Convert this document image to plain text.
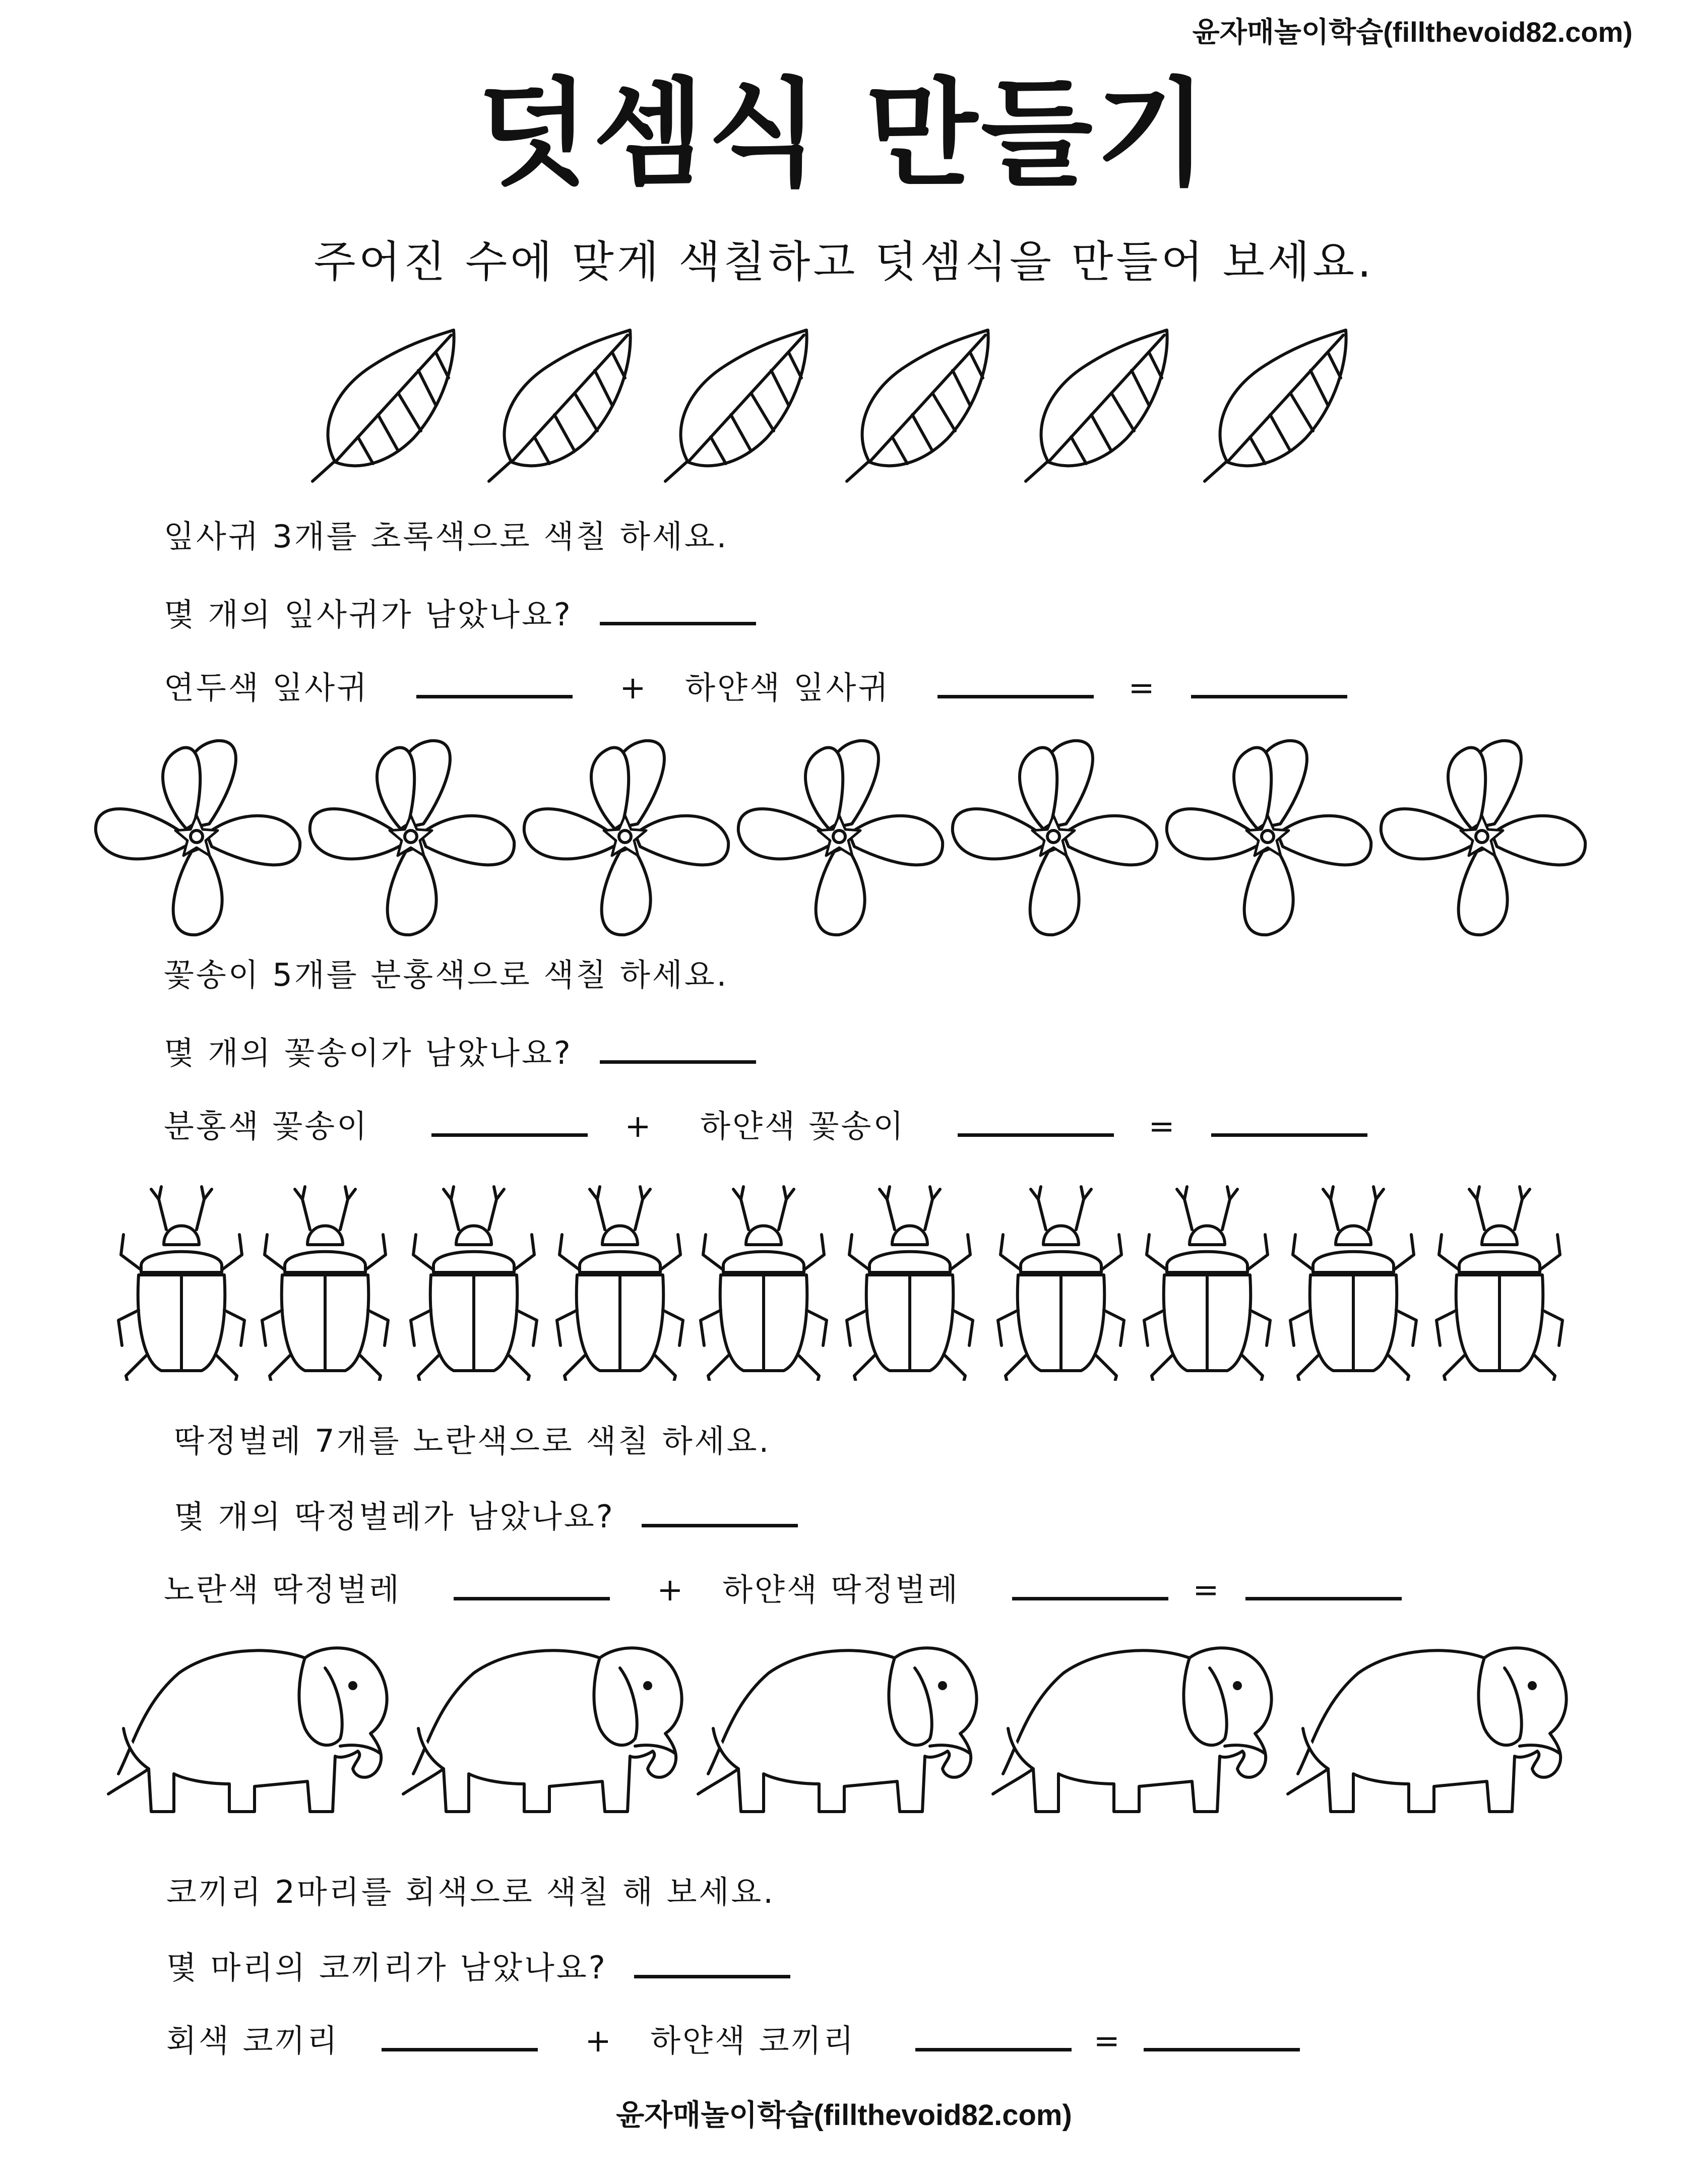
윤자매놀이학습(fillthevoid82.com)
덧셈식 만들기
주어진 수에 맞게 색칠하고 덧셈식을 만들어 보세요.
잎사귀 3개를 초록색으로 색칠 하세요.
몇 개의 잎사귀가 남았나요?
연두색 잎사귀	+ 하얀색 잎사귀	=
꽃송이 5개를 분홍색으로 색칠 하세요.
몇 개의 꽃송이가 남았나요?
분홍색 꽃송이	+ 하얀색 꽃송이	=
딱정벌레 7개를 노란색으로 색칠 하세요.
몇 개의 딱정벌레가 남았나요?
노란색 딱정벌레	+ 하얀색 딱정벌레	=
코끼리 2마리를 회색으로 색칠 해 보세요.
몇 마리의 코끼리가 남았나요?
회색 코끼리	+ 하얀색 코끼리	=
윤자매놀이학습(fillthevoid82.com)
